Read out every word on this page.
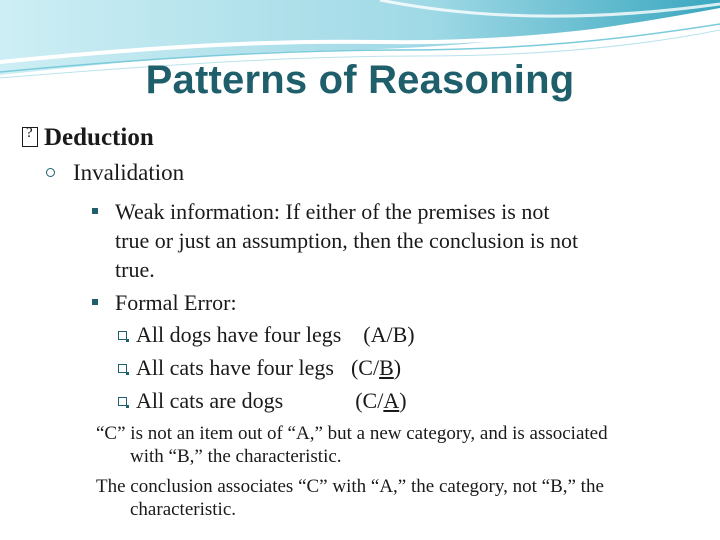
Patterns of Reasoning
?Deduction
Invalidation
Weak information: If either of the premises is not
true or just an assumption, then the conclusion is not
true.
Formal Error:
All dogs have four legs (A/B)
All cats have four legs (C/B)
All cats are dogs	(C/A)
“C” is not an item out of “A,” but a new category, and is associated
with “B,” the characteristic.
The conclusion associates “C” with “A,” the category, not “B,” the
characteristic.
